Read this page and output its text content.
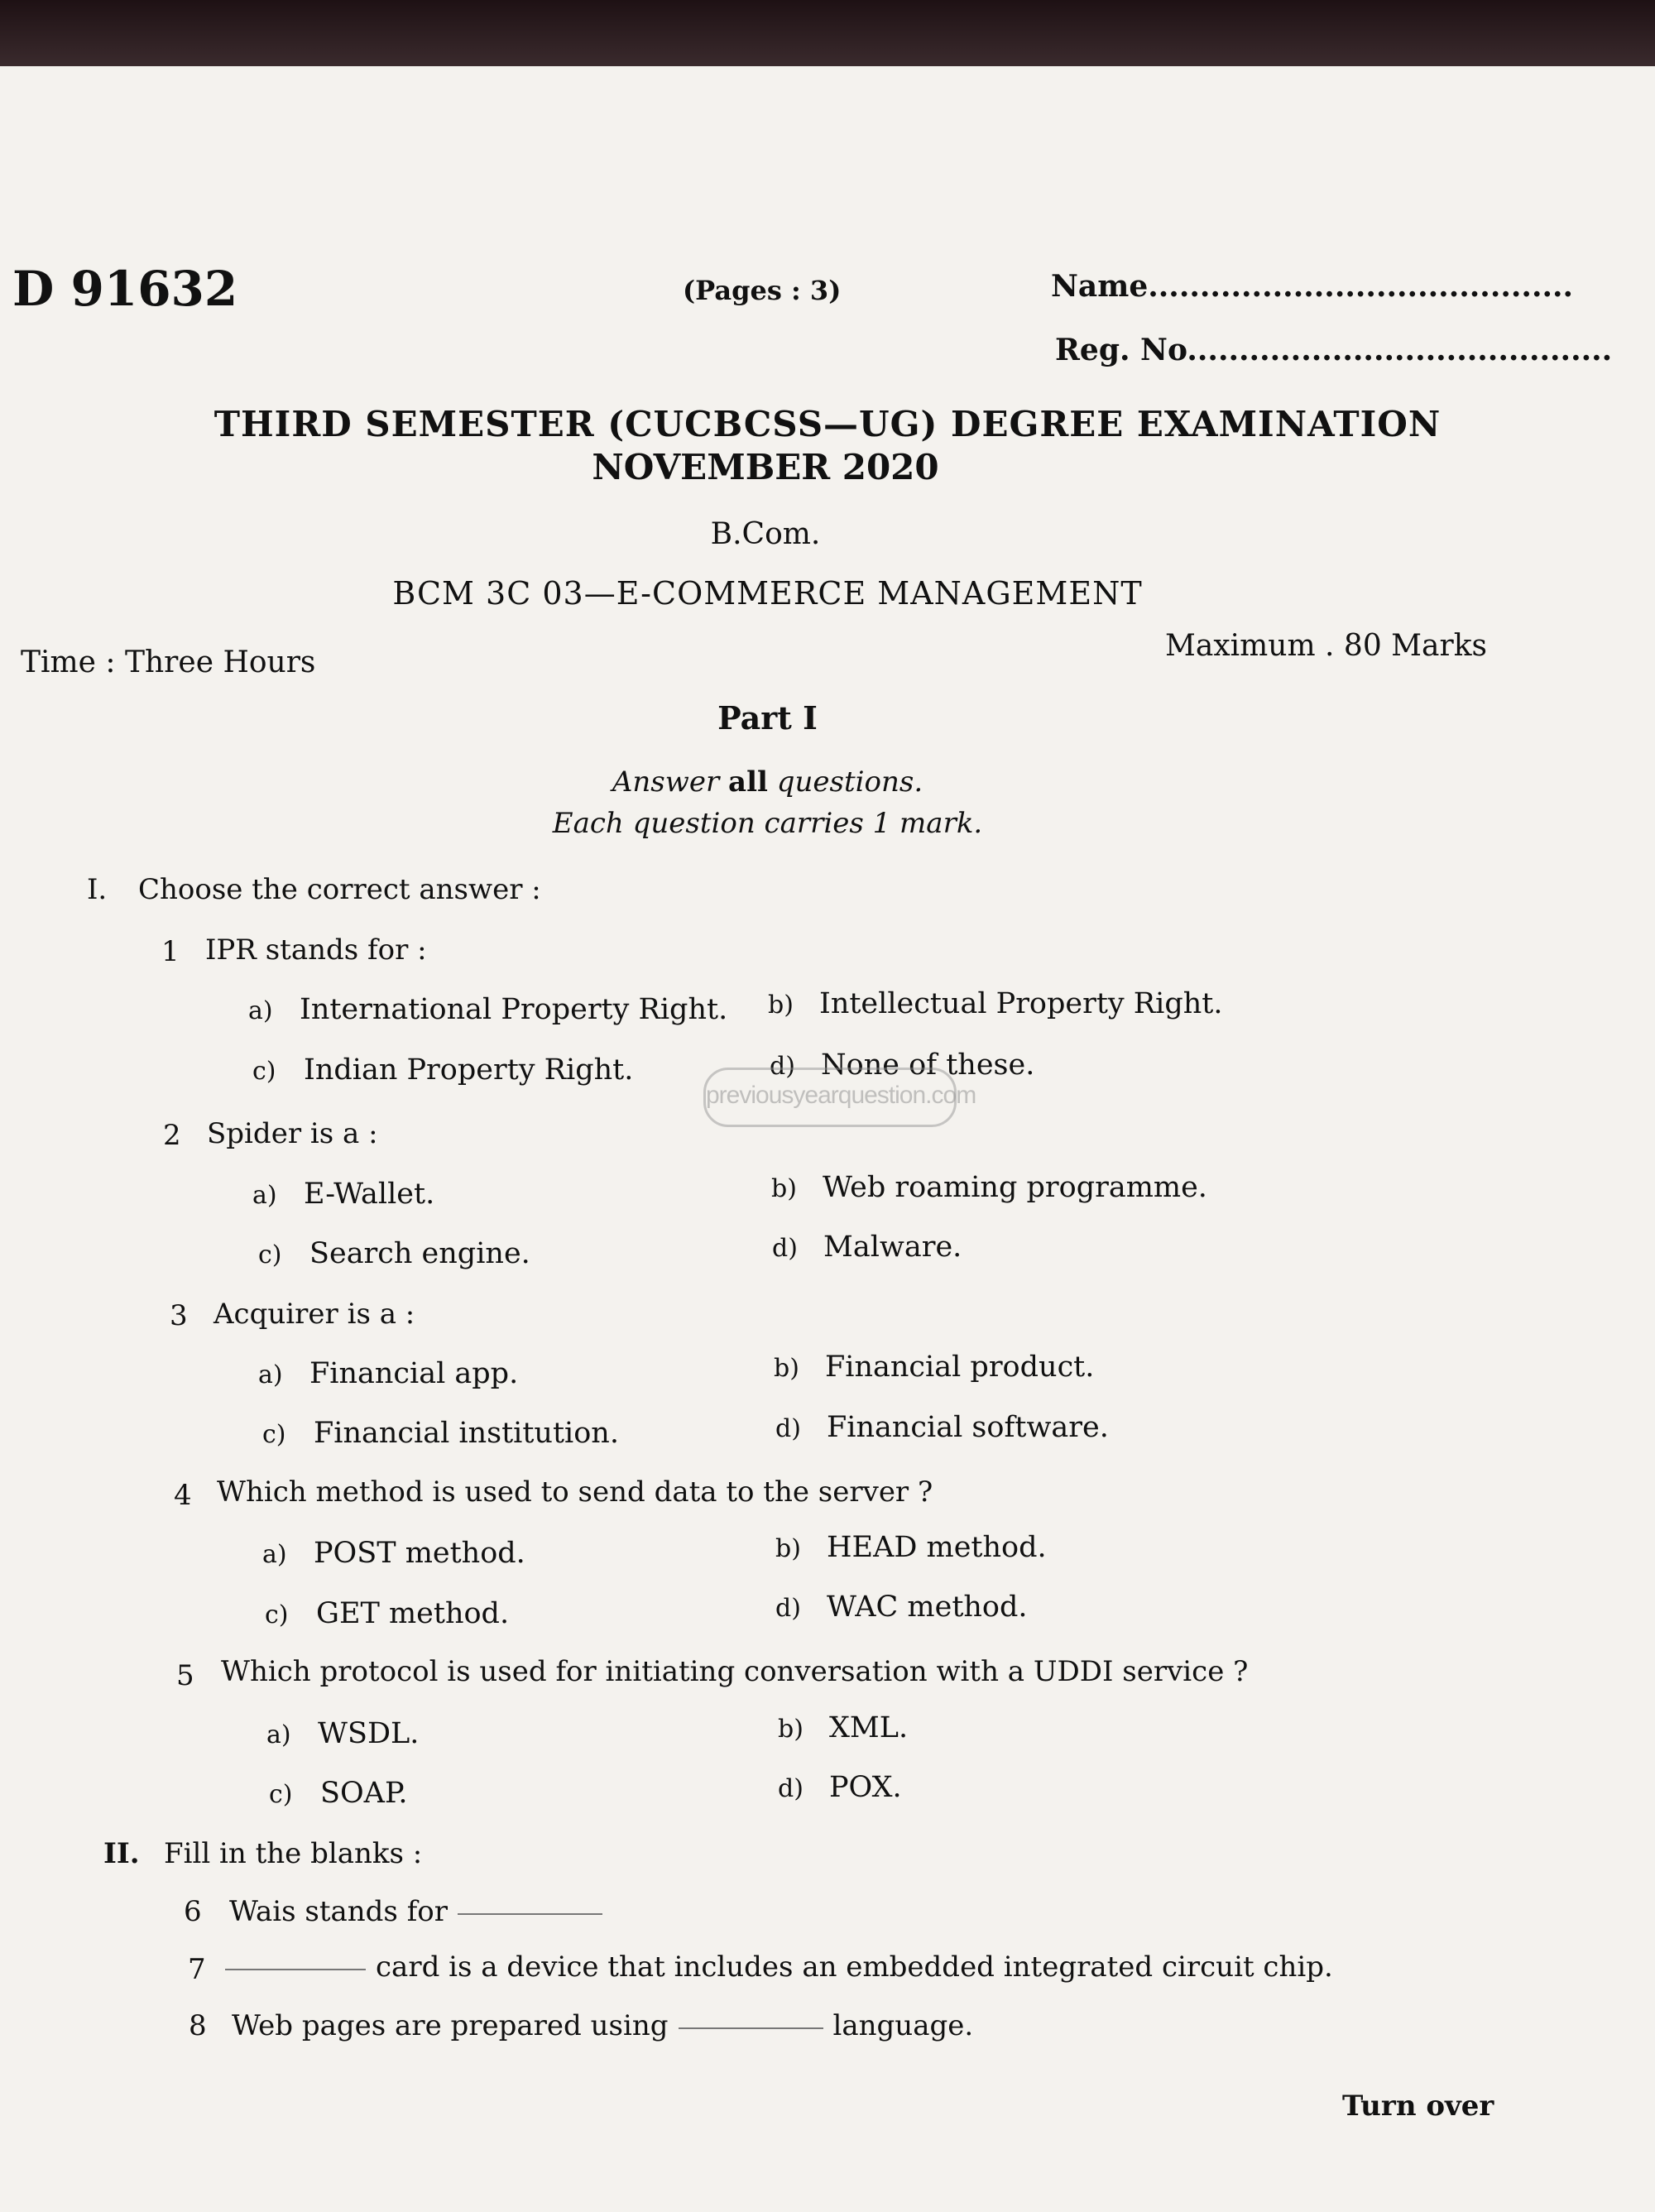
D 91632	(Pages : 3)	Name.........................................
Reg. No.........................................
THIRD SEMESTER (CUCBCSS—UG) DEGREE EXAMINATION
NOVEMBER 2020
B.Com.
BCM 3C 03—E-COMMERCE MANAGEMENT
Time : Three Hours	Maximum . 80 Marks
Part I
Answer all questions.
Each question carries 1 mark.
I. Choose the correct answer :
1 IPR stands for :
a) International Property Right. b) Intellectual Property Right.
c) Indian Property Right.	d) None of these.
previousyearquestion.com
2 Spider is a :
a) E-Wallet.	b) Web roaming programme.
c) Search engine.	d) Malware.
3 Acquirer is a :
a) Financial app.	b) Financial product.
c) Financial institution.	d) Financial software.
4 Which method is used to send data to the server ?
a) POST method.	b) HEAD method.
c) GET method.	d) WAC method.
5 Which protocol is used for initiating conversation with a UDDI service ?
a) WSDL.	b) XML.
c) SOAP.	d) POX.
II. Fill in the blanks :
6 Wais stands for
7	card is a device that includes an embedded integrated circuit chip.
8 Web pages are prepared using	language.
Turn over
